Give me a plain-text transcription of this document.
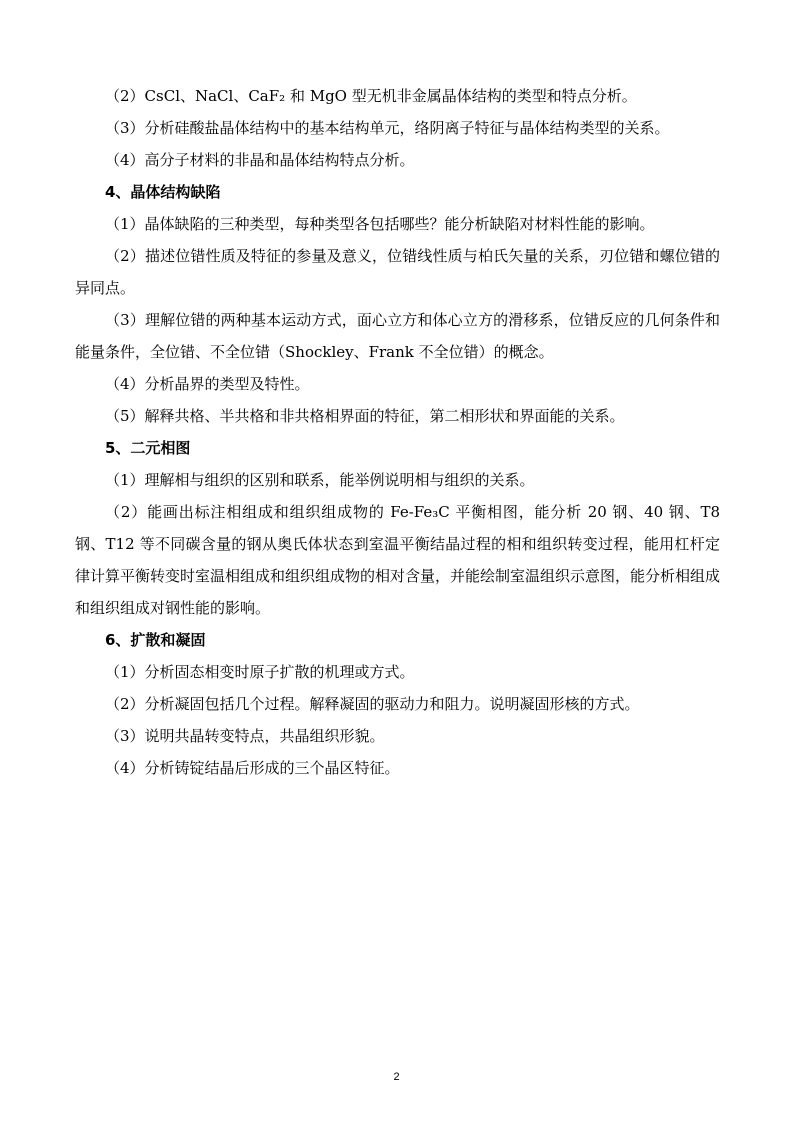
（2）CsCl、NaCl、CaF₂ 和 MgO 型无机非金属晶体结构的类型和特点分析。

（3）分析硅酸盐晶体结构中的基本结构单元，络阴离子特征与晶体结构类型的关系。

（4）高分子材料的非晶和晶体结构特点分析。

4、晶体结构缺陷

（1）晶体缺陷的三种类型，每种类型各包括哪些？能分析缺陷对材料性能的影响。

（2）描述位错性质及特征的参量及意义，位错线性质与柏氏矢量的关系，刃位错和螺位错的异同点。

（3）理解位错的两种基本运动方式，面心立方和体心立方的滑移系，位错反应的几何条件和能量条件，全位错、不全位错（Shockley、Frank 不全位错）的概念。

（4）分析晶界的类型及特性。

（5）解释共格、半共格和非共格相界面的特征，第二相形状和界面能的关系。

5、二元相图

（1）理解相与组织的区别和联系，能举例说明相与组织的关系。

（2）能画出标注相组成和组织组成物的 Fe-Fe₃C 平衡相图，能分析 20 钢、40 钢、T8 钢、T12 等不同碳含量的钢从奥氏体状态到室温平衡结晶过程的相和组织转变过程，能用杠杆定律计算平衡转变时室温相组成和组织组成物的相对含量，并能绘制室温组织示意图，能分析相组成和组织组成对钢性能的影响。

6、扩散和凝固

（1）分析固态相变时原子扩散的机理或方式。

（2）分析凝固包括几个过程。解释凝固的驱动力和阻力。说明凝固形核的方式。

（3）说明共晶转变特点，共晶组织形貌。

（4）分析铸锭结晶后形成的三个晶区特征。

2
